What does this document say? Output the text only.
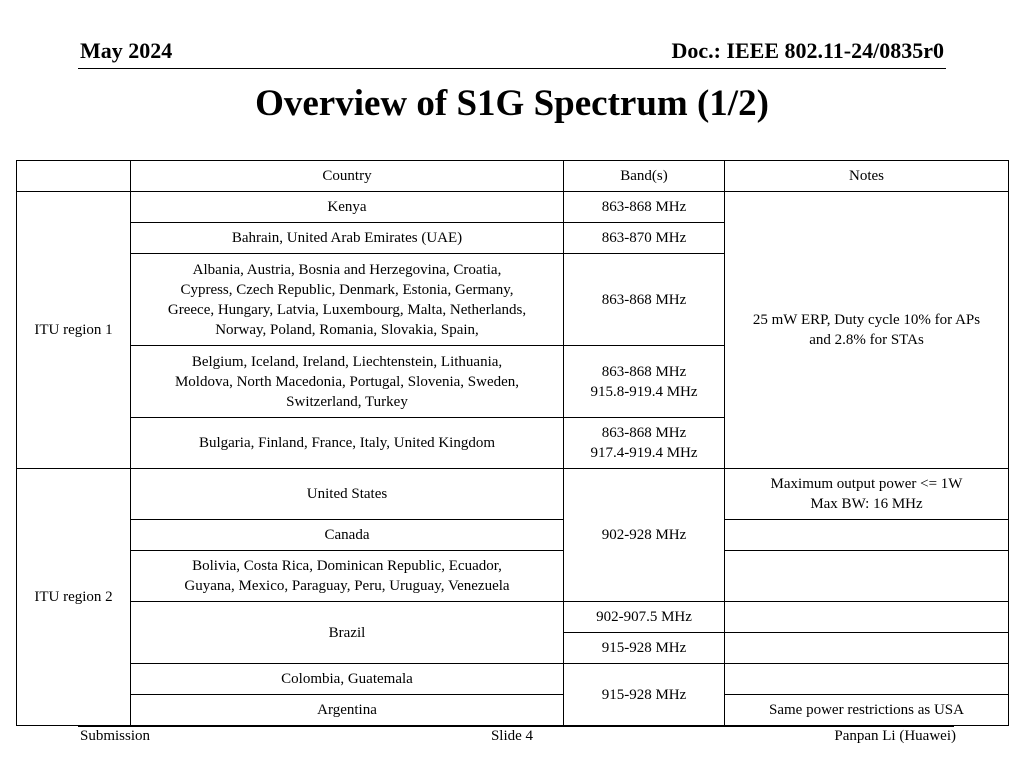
May 2024	Doc.: IEEE 802.11-24/0835r0
Overview of S1G Spectrum (1/2)
	Country	Band(s)	Notes
ITU region 1	Kenya	863-868 MHz	25 mW ERP, Duty cycle 10% for APs
and 2.8% for STAs

	Bahrain, United Arab Emirates (UAE)	863-870 MHz	

	Albania, Austria, Bosnia and Herzegovina, Croatia,
Cypress, Czech Republic, Denmark, Estonia, Germany,
Greece, Hungary, Latvia, Luxembourg, Malta, Netherlands,
Norway, Poland, Romania, Slovakia, Spain,	863-868 MHz	

	Belgium, Iceland, Ireland, Liechtenstein, Lithuania,
Moldova, North Macedonia, Portugal, Slovenia, Sweden,
Switzerland, Turkey	863-868 MHz
915.8-919.4 MHz	

	Bulgaria, Finland, France, Italy, United Kingdom	863-868 MHz
917.4-919.4 MHz	

ITU region 2	United States	902-928 MHz	Maximum output power <= 1W
Max BW: 16 MHz

	Canada		

	Bolivia, Costa Rica, Dominican Republic, Ecuador,
Guyana, Mexico, Paraguay, Peru, Uruguay, Venezuela		

	Brazil	902-907.5 MHz	
		915-928 MHz	
	Colombia, Guatemala	915-928 MHz	
	Argentina		Same power restrictions as USA
Submission	Slide 4	Panpan Li (Huawei)
